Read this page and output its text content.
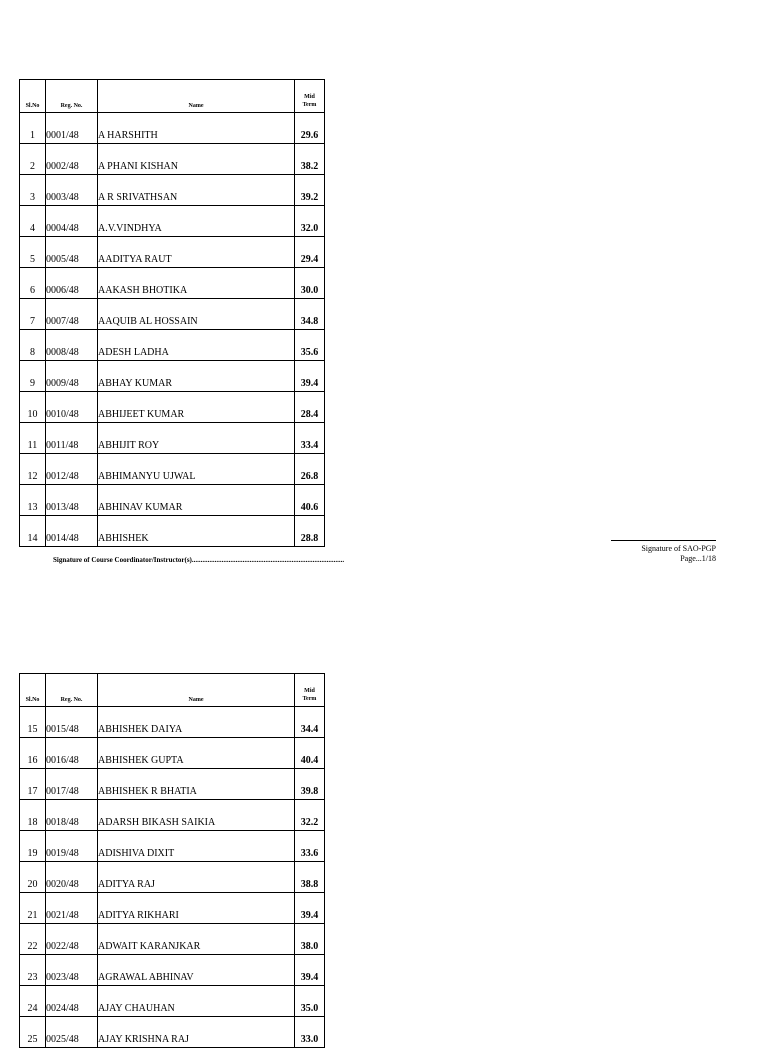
Sl.No	Reg. No.	Name	Mid
Term
1	0001/48	A HARSHITH	29.6
2	0002/48	A PHANI KISHAN	38.2
3	0003/48	A R SRIVATHSAN	39.2
4	0004/48	A.V.VINDHYA	32.0
5	0005/48	AADITYA RAUT	29.4
6	0006/48	AAKASH BHOTIKA	30.0
7	0007/48	AAQUIB AL HOSSAIN	34.8
8	0008/48	ADESH LADHA	35.6
9	0009/48	ABHAY KUMAR	39.4
10	0010/48	ABHIJEET KUMAR	28.4
11	0011/48	ABHIJIT ROY	33.4
12	0012/48	ABHIMANYU UJWAL	26.8
13	0013/48	ABHINAV KUMAR	40.6
14	0014/48	ABHISHEK	28.8
Signature of Course Coordinator/Instructor(s).......................................................................................
Signature of SAO-PGP
Page...1/18
Sl.No	Reg. No.	Name	Mid
Term
15	0015/48	ABHISHEK DAIYA	34.4
16	0016/48	ABHISHEK GUPTA	40.4
17	0017/48	ABHISHEK R BHATIA	39.8
18	0018/48	ADARSH BIKASH SAIKIA	32.2
19	0019/48	ADISHIVA DIXIT	33.6
20	0020/48	ADITYA RAJ	38.8
21	0021/48	ADITYA RIKHARI	39.4
22	0022/48	ADWAIT KARANJKAR	38.0
23	0023/48	AGRAWAL ABHINAV	39.4
24	0024/48	AJAY CHAUHAN	35.0
25	0025/48	AJAY KRISHNA RAJ	33.0
